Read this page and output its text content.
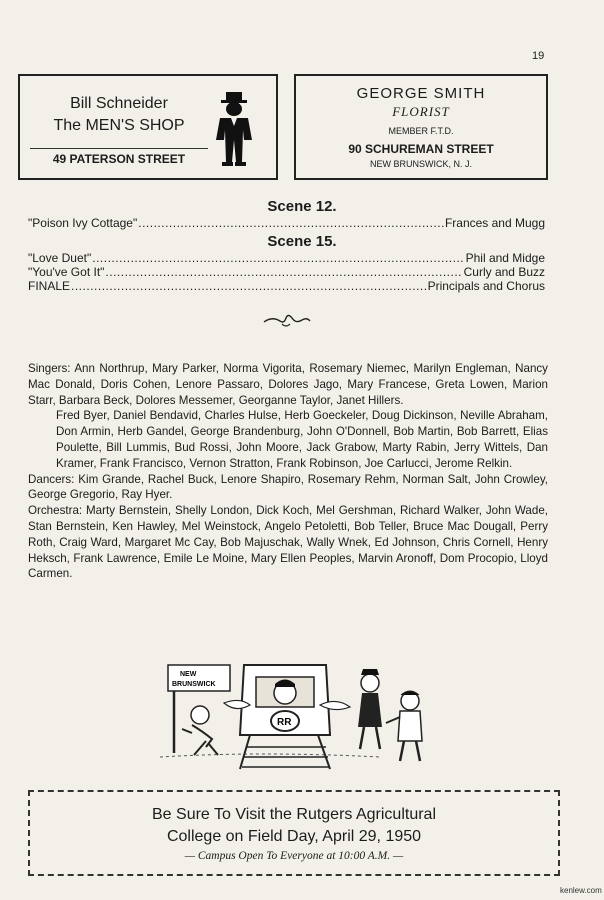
19
Bill Schneider
The MEN'S SHOP
49 PATERSON STREET
GEORGE SMITH
FLORIST
MEMBER F.T.D.
90 SCHUREMAN STREET
NEW BRUNSWICK, N. J.
Scene 12.
"Poison Ivy Cottage" .....	Frances and Mugg
Scene 15.
"Love Duet" .....	Phil and Midge
"You've Got It" .....	Curly and Buzz
FINALE .....	Principals and Chorus

Singers: Ann Northrup, Mary Parker, Norma Vigorita, Rosemary Niemec, Marilyn Engleman, Nancy Mac Donald, Doris Cohen, Lenore Passaro, Dolores Jago, Mary Francese, Greta Lowen, Marion Starr, Barbara Beck, Dolores Messemer, Georganne Taylor, Janet Hillers.

Fred Byer, Daniel Bendavid, Charles Hulse, Herb Goeckeler, Doug Dickinson, Neville Abraham, Don Armin, Herb Gandel, George Brandenburg, John O'Donnell, Bob Martin, Bob Barrett, Elias Poulette, Bill Lummis, Bud Rossi, John Moore, Jack Grabow, Marty Rabin, Jerry Wittels, Dan Kramer, Frank Francisco, Vernon Stratton, Frank Robinson, Joe Carlucci, Jerome Relkin.

Dancers: Kim Grande, Rachel Buck, Lenore Shapiro, Rosemary Rehm, Norman Salt, John Crowley, George Gregorio, Ray Hyer.

Orchestra: Marty Bernstein, Shelly London, Dick Koch, Mel Gershman, Richard Walker, John Wade, Stan Bernstein, Ken Hawley, Mel Weinstock, Angelo Petoletti, Bob Teller, Bruce Mac Dougall, Perry Roth, Craig Ward, Margaret Mc Cay, Bob Majuschak, Wally Wnek, Ed Johnson, Chris Cornell, Henry Heksch, Frank Lawrence, Emile Le Moine, Mary Ellen Peoples, Marvin Aronoff, Dom Procopio, Lloyd Carmen.

NEW
BRUNSWICK
RR
Be Sure To Visit the Rutgers Agricultural
College on Field Day, April 29, 1950
— Campus Open To Everyone at 10:00 A.M. —
kenlew.com
